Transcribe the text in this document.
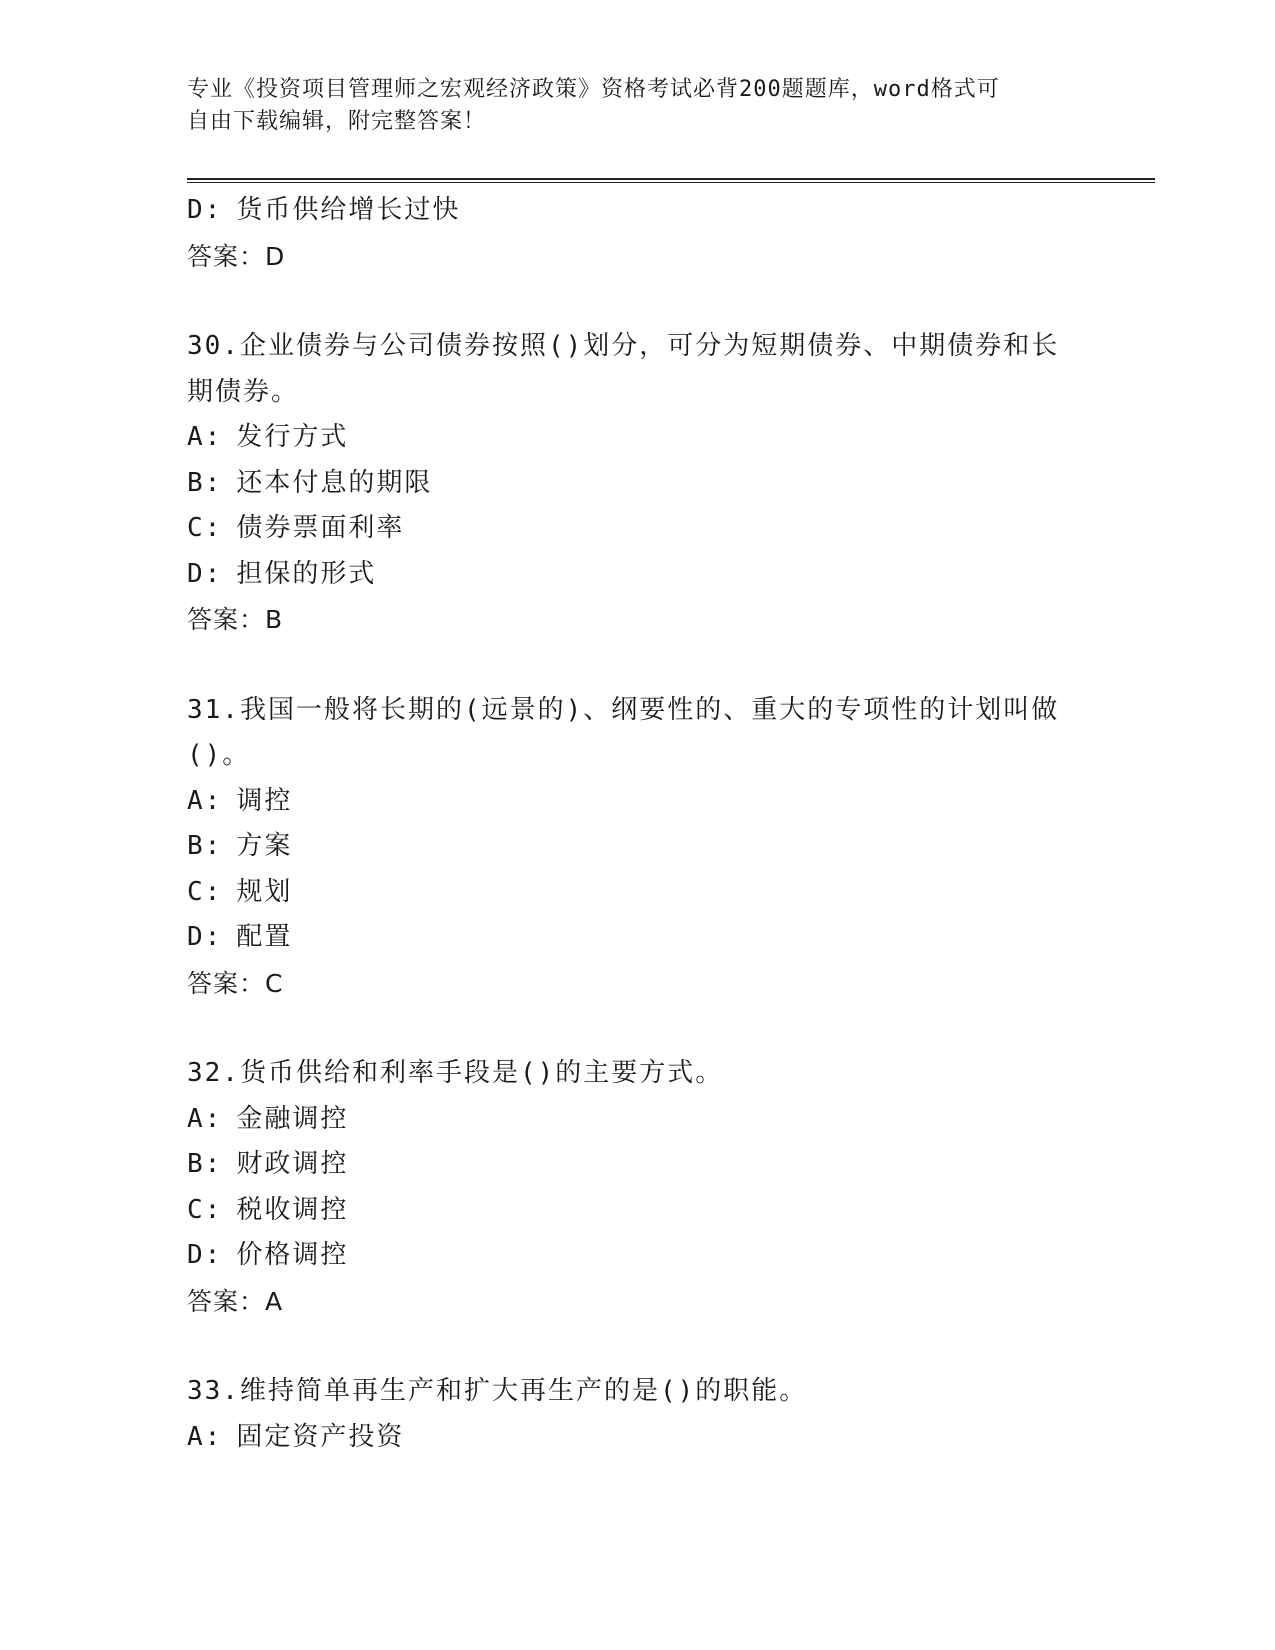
专业《投资项目管理师之宏观经济政策》资格考试必背200题题库，word格式可
自由下载编辑，附完整答案！
D: 货币供给增长过快
答案：D
30.企业债券与公司债券按照()划分，可分为短期债券、中期债券和长
期债券。
A: 发行方式
B: 还本付息的期限
C: 债券票面利率
D: 担保的形式
答案：B
31.我国一般将长期的(远景的)、纲要性的、重大的专项性的计划叫做
()。
A: 调控
B: 方案
C: 规划
D: 配置
答案：C
32.货币供给和利率手段是()的主要方式。
A: 金融调控
B: 财政调控
C: 税收调控
D: 价格调控
答案：A
33.维持简单再生产和扩大再生产的是()的职能。
A: 固定资产投资
